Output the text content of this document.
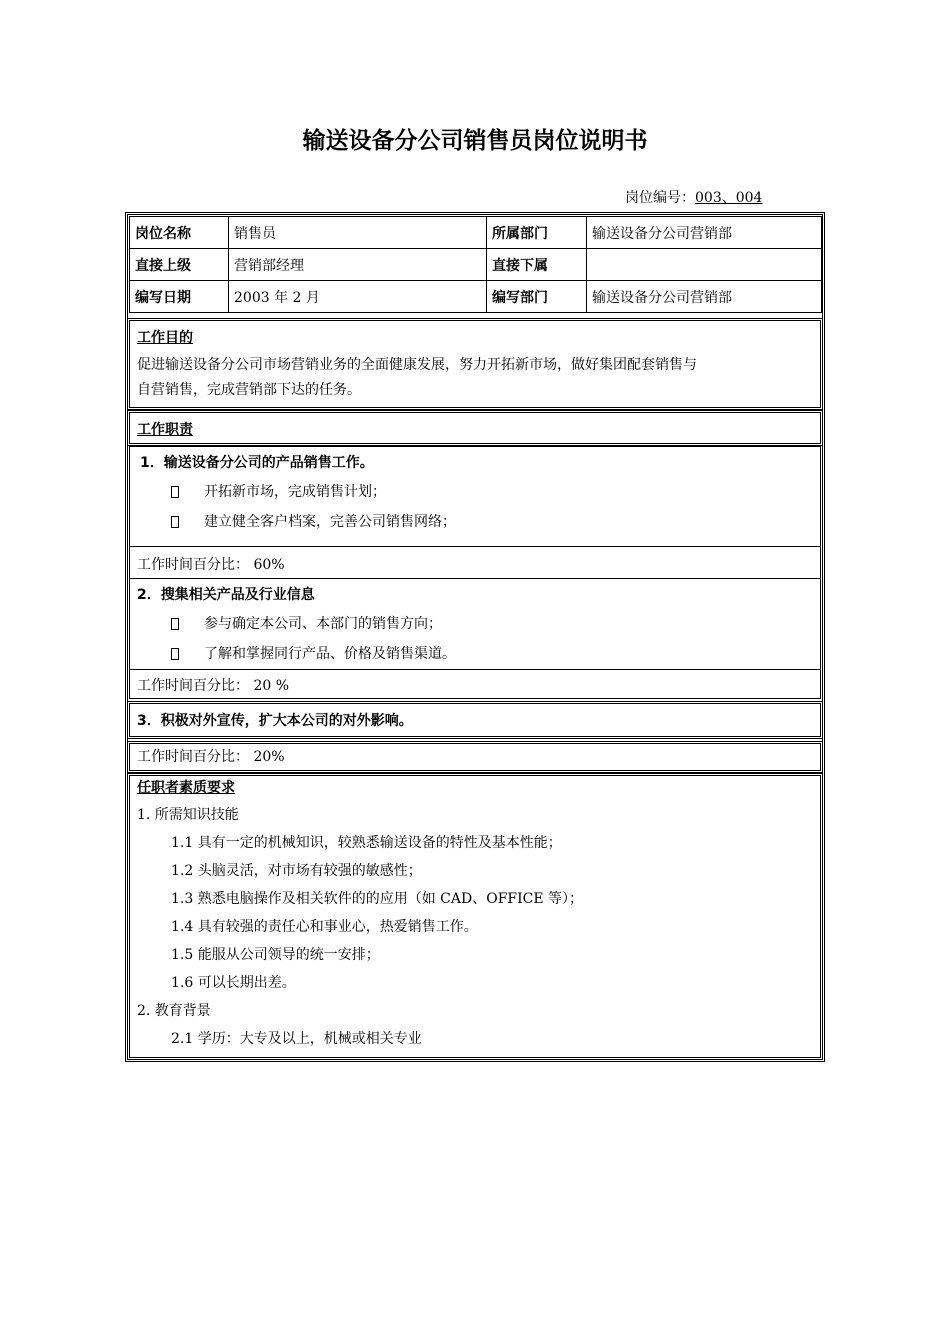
输送设备分公司销售员岗位说明书
岗位编号：003、004
岗位名称	销售员	所属部门	输送设备分公司营销部
直接上级	营销部经理	直接下属	
编写日期	2003 年 2 月	编写部门	输送设备分公司营销部
工作目的
促进输送设备分公司市场营销业务的全面健康发展，努力开拓新市场，做好集团配套销售与
自营销售，完成营销部下达的任务。
工作职责
1．输送设备分公司的产品销售工作。
开拓新市场，完成销售计划；
建立健全客户档案，完善公司销售网络；
工作时间百分比： 60%
2．搜集相关产品及行业信息
参与确定本公司、本部门的销售方向；
了解和掌握同行产品、价格及销售渠道。
工作时间百分比： 20 %
3．积极对外宣传，扩大本公司的对外影响。
工作时间百分比： 20%
任职者素质要求
1. 所需知识技能
1.1 具有一定的机械知识，较熟悉输送设备的特性及基本性能；
1.2 头脑灵活，对市场有较强的敏感性；
1.3 熟悉电脑操作及相关软件的的应用（如 CAD、OFFICE 等）；
1.4 具有较强的责任心和事业心，热爱销售工作。
1.5 能服从公司领导的统一安排；
1.6 可以长期出差。
2. 教育背景
2.1 学历：大专及以上，机械或相关专业
